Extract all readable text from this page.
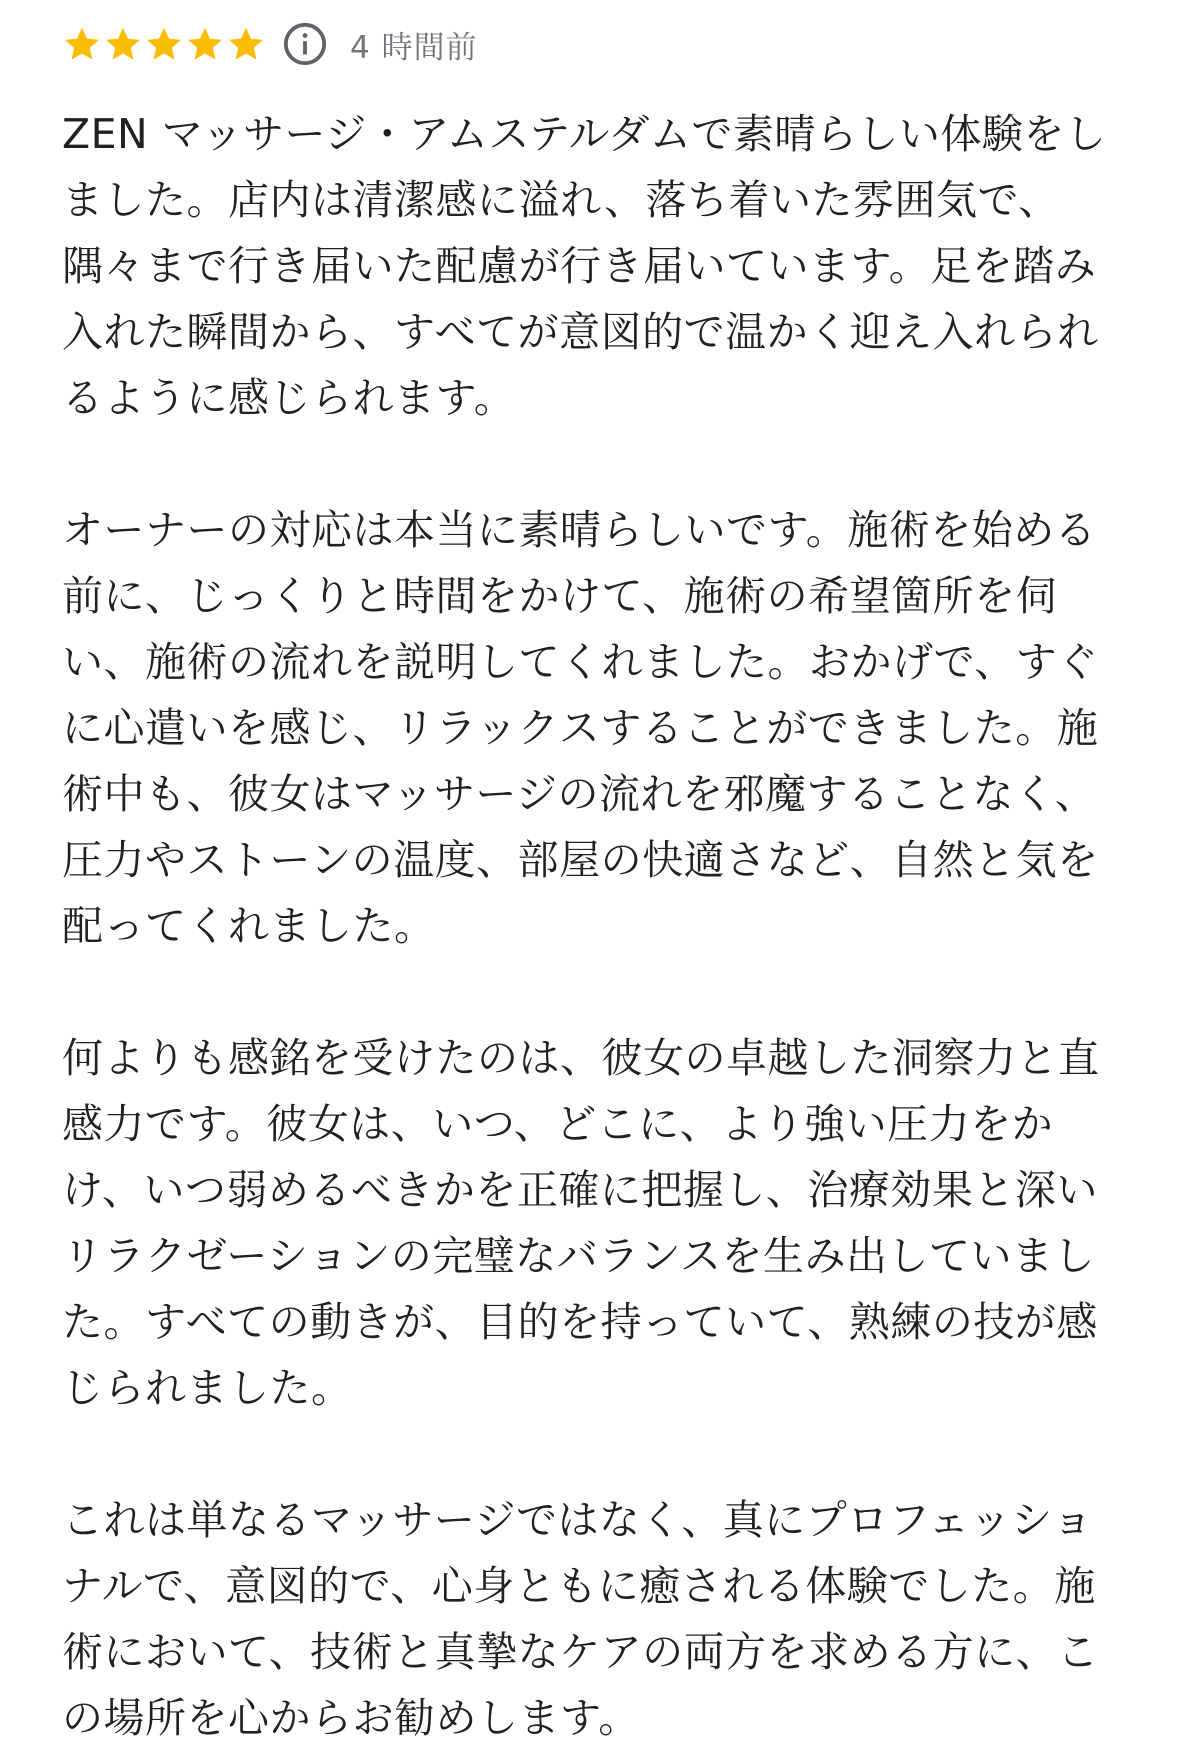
4 時間前

ZEN マッサージ・アムステルダムで素晴らしい体験をしました。店内は清潔感に溢れ、落ち着いた雰囲気で、隅々まで行き届いた配慮が行き届いています。足を踏み入れた瞬間から、すべてが意図的で温かく迎え入れられるように感じられます。

オーナーの対応は本当に素晴らしいです。施術を始める前に、じっくりと時間をかけて、施術の希望箇所を伺い、施術の流れを説明してくれました。おかげで、すぐに心遣いを感じ、リラックスすることができました。施術中も、彼女はマッサージの流れを邪魔することなく、圧力やストーンの温度、部屋の快適さなど、自然と気を配ってくれました。

何よりも感銘を受けたのは、彼女の卓越した洞察力と直感力です。彼女は、いつ、どこに、より強い圧力をかけ、いつ弱めるべきかを正確に把握し、治療効果と深いリラクゼーションの完璧なバランスを生み出していました。すべての動きが、目的を持っていて、熟練の技が感じられました。

これは単なるマッサージではなく、真にプロフェッショナルで、意図的で、心身ともに癒される体験でした。施術において、技術と真摯なケアの両方を求める方に、この場所を心からお勧めします。
